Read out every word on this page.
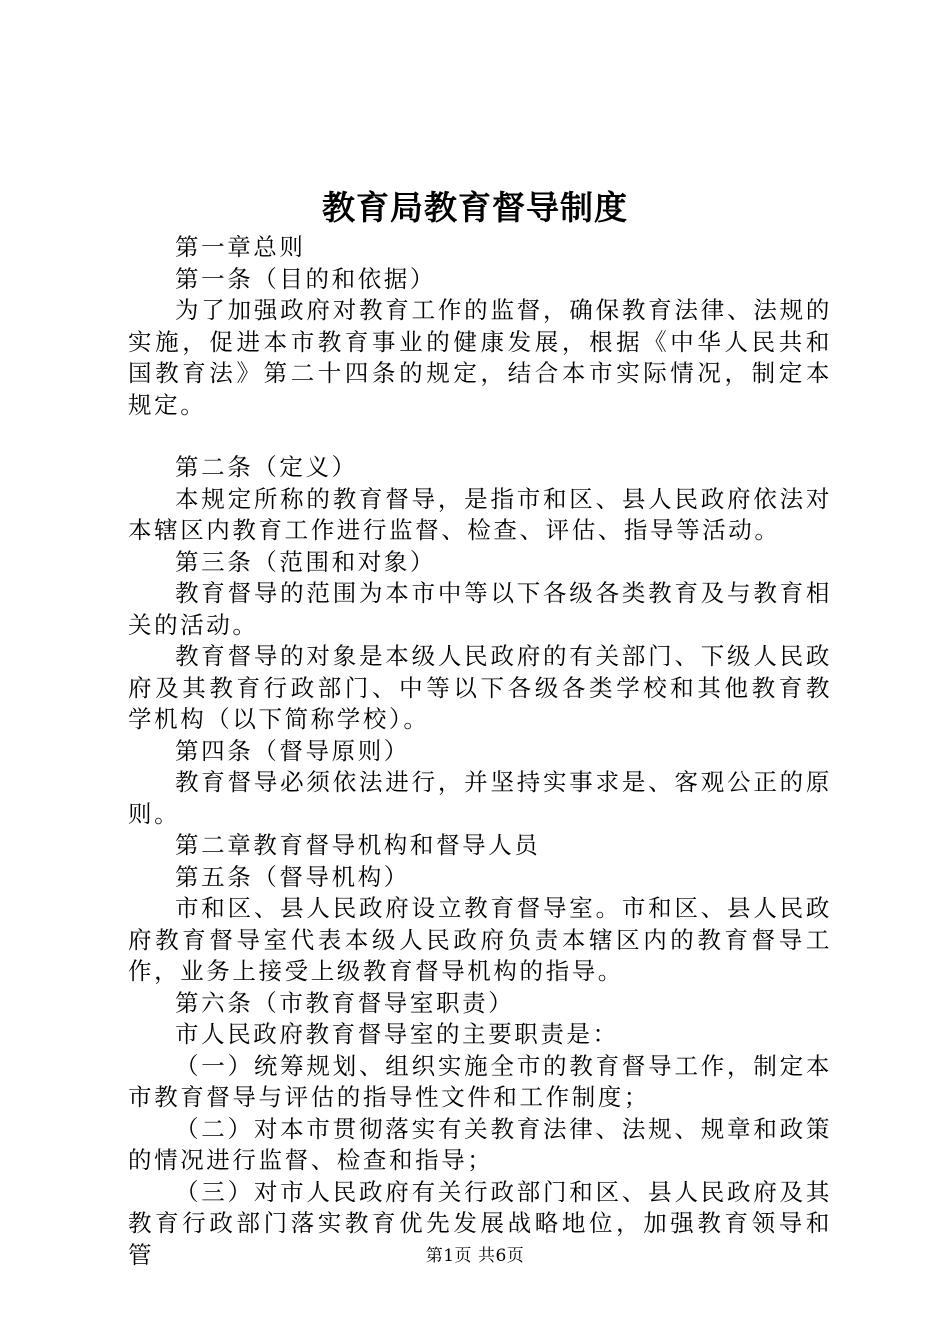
教育局教育督导制度

第一章总则

第一条（目的和依据）

为了加强政府对教育工作的监督，确保教育法律、法规的实施，促进本市教育事业的健康发展，根据《中华人民共和国教育法》第二十四条的规定，结合本市实际情况，制定本规定。

第二条（定义）

本规定所称的教育督导，是指市和区、县人民政府依法对本辖区内教育工作进行监督、检查、评估、指导等活动。

第三条（范围和对象）

教育督导的范围为本市中等以下各级各类教育及与教育相关的活动。

教育督导的对象是本级人民政府的有关部门、下级人民政府及其教育行政部门、中等以下各级各类学校和其他教育教学机构（以下简称学校）。

第四条（督导原则）

教育督导必须依法进行，并坚持实事求是、客观公正的原则。

第二章教育督导机构和督导人员

第五条（督导机构）

市和区、县人民政府设立教育督导室。市和区、县人民政府教育督导室代表本级人民政府负责本辖区内的教育督导工作，业务上接受上级教育督导机构的指导。

第六条（市教育督导室职责）

市人民政府教育督导室的主要职责是：

（一）统筹规划、组织实施全市的教育督导工作，制定本市教育督导与评估的指导性文件和工作制度；

（二）对本市贯彻落实有关教育法律、法规、规章和政策的情况进行监督、检查和指导；

（三）对市人民政府有关行政部门和区、县人民政府及其教育行政部门落实教育优先发展战略地位，加强教育领导和管	第1页 共6页
